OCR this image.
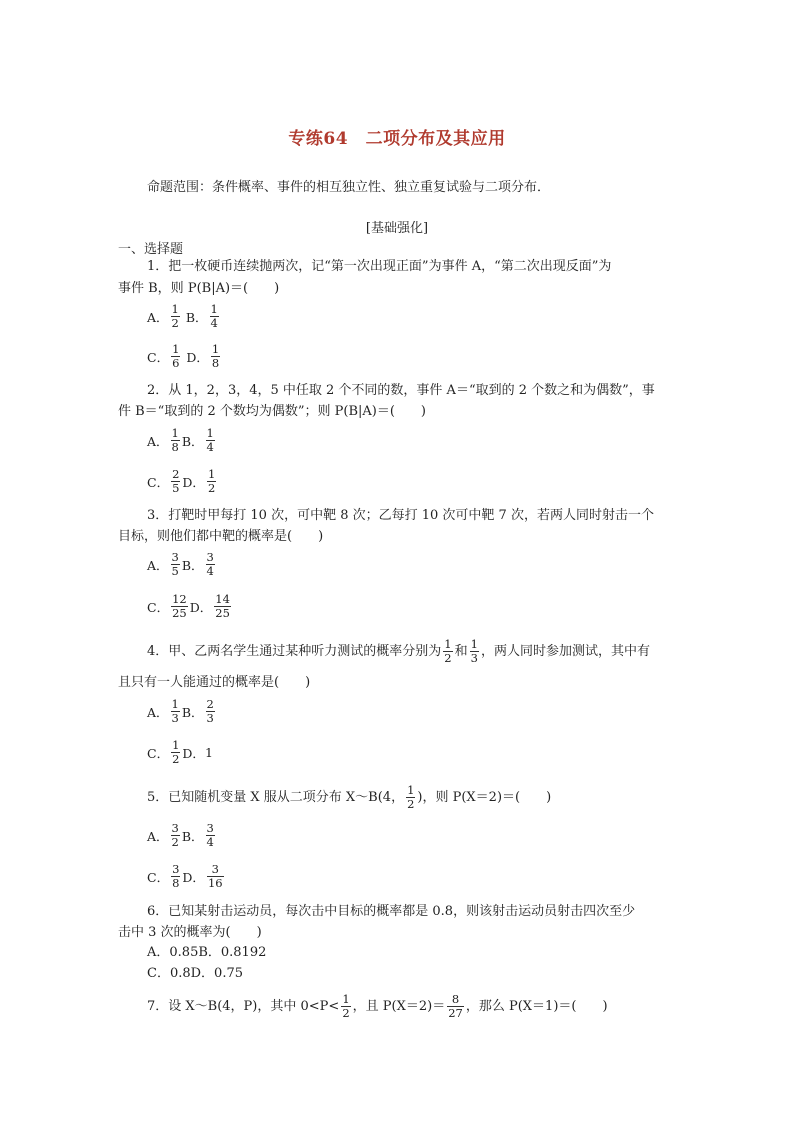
专练64　二项分布及其应用
命题范围：条件概率、事件的相互独立性、独立重复试验与二项分布．
[基础强化]
一、选择题
1．把一枚硬币连续抛两次，记“第一次出现正面”为事件 A，“第二次出现反面”为
事件 B，则 P(B|A)＝(　　)
A． $\frac{1}{2}$ B． $\frac{1}{4}$
C． $\frac{1}{6}$ D． $\frac{1}{8}$
2．从 1，2，3，4，5 中任取 2 个不同的数，事件 A＝“取到的 2 个数之和为偶数”，事
件 B＝“取到的 2 个数均为偶数”；则 P(B|A)＝(　　)
A． $\frac{1}{8}$ B． $\frac{1}{4}$
C． $\frac{2}{5}$ D． $\frac{1}{2}$
3．打靶时甲每打 10 次，可中靶 8 次；乙每打 10 次可中靶 7 次，若两人同时射击一个
目标，则他们都中靶的概率是(　　)
A． $\frac{3}{5}$ B． $\frac{3}{4}$
C． $\frac{12}{25}$ D． $\frac{14}{25}$
4．甲、乙两名学生通过某种听力测试的概率分别为 $\frac{1}{2}$ 和 $\frac{1}{3}$ ，两人同时参加测试，其中有
且只有一人能通过的概率是(　　)
A． $\frac{1}{3}$ B． $\frac{2}{3}$
C． $\frac{1}{2}$ D．1
5．已知随机变量 X 服从二项分布 X～B(4， $\frac{1}{2}$ )，则 P(X＝2)＝(　　)
A． $\frac{3}{2}$ B． $\frac{3}{4}$
C． $\frac{3}{8}$ D． $\frac{3}{16}$
6．已知某射击运动员，每次击中目标的概率都是 0.8，则该射击运动员射击四次至少
击中 3 次的概率为(　　)
A．0.85B．0.8192
C．0.8D．0.75
7．设 X～B(4，P)，其中 $0<P< \frac{1}{2}$ ，且 $P(X=2)= \frac{8}{27}$ ，那么 P(X＝1)＝(　　)
